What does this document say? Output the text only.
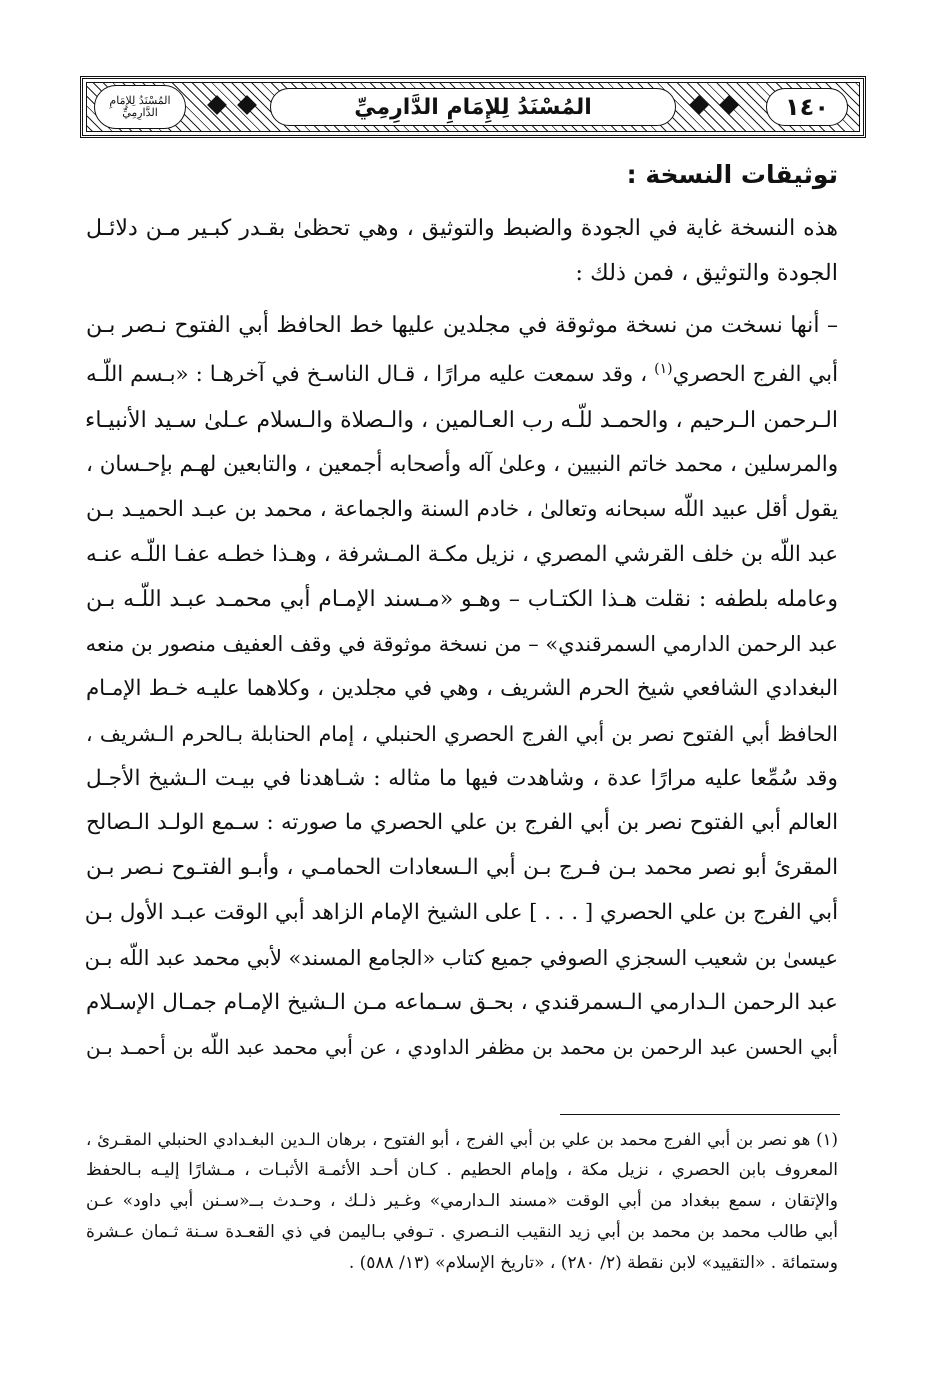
المُسْنَدُ لِلإِمَامِ الدَّارِمِيِّ	المُسْنَدُ لِلإِمَامِ الدَّارِمِيِّ	١٤٠
توثيقات النسخة :
هذه النسخة غاية في الجودة والضبط والتوثيق ، وهي تحظىٰ بقـدر كبـير مـن دلائـل
الجودة والتوثيق ، فمن ذلك :
– أنها نسخت من نسخة موثوقة في مجلدين عليها خط الحافظ أبي الفتوح نـصر بـن
أبي الفرج الحصري$^{(١)}$ ، وقد سمعت عليه مرارًا ، قـال الناسـخ في آخرهـا : «بـسم اللّـه
الـرحمن الـرحيم ، والحمـد للّـه رب العـالمين ، والـصلاة والـسلام عـلىٰ سـيد الأنبيـاء
والمرسلين ، محمد خاتم النبيين ، وعلىٰ آله وأصحابه أجمعين ، والتابعين لهـم بإحـسان ،
يقول أقل عبيد اللّه سبحانه وتعالىٰ ، خادم السنة والجماعة ، محمد بن عبـد الحميـد بـن
عبد اللّه بن خلف القرشي المصري ، نزيل مكـة المـشرفة ، وهـذا خطـه عفـا اللّـه عنـه
وعامله بلطفه : نقلت هـذا الكتـاب – وهـو «مـسند الإمـام أبي محمـد عبـد اللّـه بـن
عبد الرحمن الدارمي السمرقندي» – من نسخة موثوقة في وقف العفيف منصور بن منعه
البغدادي الشافعي شيخ الحرم الشريف ، وهي في مجلدين ، وكلاهما عليـه خـط الإمـام
الحافظ أبي الفتوح نصر بن أبي الفرج الحصري الحنبلي ، إمام الحنابلة بـالحرم الـشريف ،
وقد سُمِّعا عليه مرارًا عدة ، وشاهدت فيها ما مثاله : شـاهدنا في بيـت الـشيخ الأجـل
العالم أبي الفتوح نصر بن أبي الفرج بن علي الحصري ما صورته : سـمع الولـد الـصالح
المقرئ أبو نصر محمد بـن فـرج بـن أبي الـسعادات الحمامـي ، وأبـو الفتـوح نـصر بـن
أبي الفرج بن علي الحصري [ . . . ] على الشيخ الإمام الزاهد أبي الوقت عبـد الأول بـن
عيسىٰ بن شعيب السجزي الصوفي جميع كتاب «الجامع المسند» لأبي محمد عبد اللّه بـن
عبد الرحمن الـدارمي الـسمرقندي ، بحـق سـماعه مـن الـشيخ الإمـام جمـال الإسـلام
أبي الحسن عبد الرحمن بن محمد بن مظفر الداودي ، عن أبي محمد عبد اللّه بن أحمـد بـن
(١) هو نصر بن أبي الفرج محمد بن علي بن أبي الفرج ، أبو الفتوح ، برهان الـدين البغـدادي الحنبلي المقـرئ ،
المعروف بابن الحصري ، نزيل مكة ، وإمام الحطيم . كـان أحـد الأئمـة الأثبـات ، مـشارًا إليـه بـالحفظ
والإتقان ، سمع ببغداد من أبي الوقت «مسند الـدارمي» وغـير ذلـك ، وحـدث بــ«سـنن أبي داود» عـن
أبي طالب محمد بن محمد بن أبي زيد النقيب النـصري . تـوفي بـاليمن في ذي القعـدة سـنة ثـمان عـشرة
وستمائة . «التقييد» لابن نقطة (٢/ ٢٨٠) ، «تاريخ الإسلام» (١٣/ ٥٨٨) .
